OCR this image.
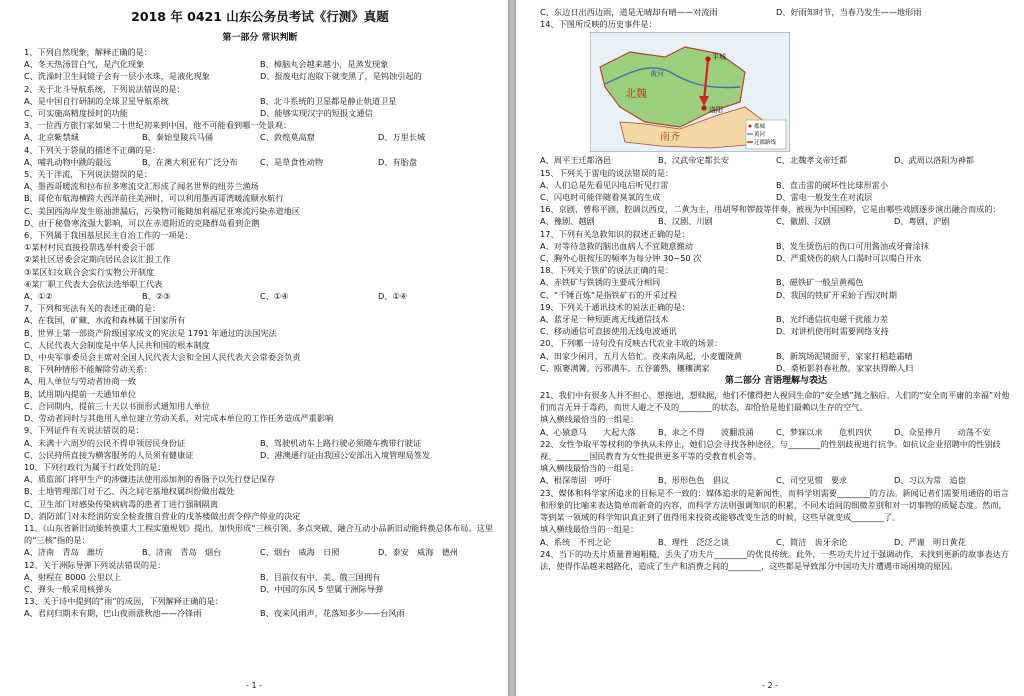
2018 年 0421 山东公务员考试《行测》真题
第一部分 常识判断
1、下列自然现象，解释正确的是：
A、冬天热汤冒白气，是汽化现象	B、樟脑丸会越来越小，是蒸发现象
C、洗澡时卫生间镜子会有一层小水珠，是液化现象	D、报废电灯泡取下就变黑了，是钨蚀引起的
2、关于北斗导航系统，下列说法错误的是：
A、是中国自行研制的全球卫星导航系统	B、北斗系统的卫星都是静止轨道卫星
C、可实施高精度授时的功能	D、能够实现汉字的短报文通信
3、一位西方旅行家如果二十世纪初来到中国，他不可能看到哪一处景观：
A、北京紫禁城	B、秦始皇陵兵马俑	C、敦煌莫高窟	D、万里长城
4、下列关于袋鼠的描述不正确的是：
A、哺乳动物中跳的最远	B、在澳大利亚有广泛分布	C、是草食性动物	D、有胎盘
5、关于洋流，下列说法错误的是：
A、墨西哥暖流和拉布拉多寒流交汇形成了闻名世界的纽芬兰渔场
B、哥伦布航海横跨大西洋前往美洲时，可以利用墨西哥湾暖流顺水航行
C、美国西海岸发生原油泄漏后，污染物可能随加利福尼亚寒流污染赤道地区
D、由于秘鲁寒流强大影响，可以在赤道附近的克隆群岛看到企鹅
6、下列属于我国基层民主自治工作的一项是：
①某村村民直接投票选举村委会干部
②某社区居委会定期向居民会议汇报工作
③某区妇女联合会实行实物公开制度
④某厂职工代表大会依法选举职工代表
A、①②	B、②③	C、①④	D、①④
7、下列和宪法有关的表述正确的是：
A、在我国，矿藏、水流和森林属于国家所有
B、世界上第一部资产阶级国家成文的宪法是 1791 年通过的法国宪法
C、人民代表大会制度是中华人民共和国的根本制度
D、中央军事委员会主席对全国人民代表大会和全国人民代表大会常委会负责
8、下列种情形不能解除劳动关系：
A、用人单位与劳动者协商一致
B、试用期内提前一天通知单位
C、合同期内，提前三十天以书面形式通知用人单位
D、劳动者同时与其他用人单位建立劳动关系，对完成本单位的工作任务造成严重影响
9、下列证件有关说法错误的是：
A、未满十六周岁的公民不得申领居民身份证	B、驾驶机动车上路行驶必须随车携带行驶证
C、公民持所直接为横客服务的人员须有健康证	D、港澳通行证由我国公安部出入境管理局签发
10、下列行政行为属于行政处罚的是：
A、质监部门将甲生产的涉嫌违法使用添加剂的香肠予以先行登记保存
B、土地管理部门对于乙、丙之间宅基地权属纠纷做出裁处
C、卫生部门对感染传染病病毒的患者丁进行强制隔离
D、消防部门对未经消防安全检查擅自营业的戊茶楼做出责令停产停业的决定
11、《山东省新旧动能转换重大工程实施规划》提出，加快形成“三核引领、多点突破、融合互动小品新旧动能转换总体布局。这里的“三核”指的是：
A、济南　青岛　潍坊	B、济南　青岛　烟台	C、烟台　威海　日照	D、泰安　威海　德州
12、关于洲际导弹下列说法错误的是：
A、射程在 8000 公里以上	B、目前仅有中、美、俄三国拥有
C、弹头一般采用核弹头	D、中国的东风 5 型属于洲际导弹
13、关于诗中提到的“雨”的成因，下列解释正确的是：
A、君问归期未有期，巴山夜雨涨秋池——冷锋雨	B、夜来风雨声，花落知多少——台风雨
- 1 -
C、东边日出西边雨，道是无晴却有晴——对流雨	D、好雨知时节，当春乃发生——地形雨
14、下图所反映的历史事件是：
平城
洛阳
黄河
北魏
南齐
都城
黄河
迁都路线
A、周平王迁都洛邑	B、汉武帝定都长安	C、北魏孝文帝迁都	D、武周以洛阳为神都
15、下列关于雷电的说法错误的是：
A、人们总是先看见闪电后听见打雷	B、直击雷的破坏性比球形雷小
C、闪电时可能伴随着臭氧的生成	D、雷电一般发生在对流层
16、京剧，曾称平剧，腔调以西皮，二黄为主，用胡琴和锣鼓等伴奏，被视为中国国粹，它是由哪些戏剧逐步演出融合而成的：
A、豫剧、越剧	B、汉剧、川剧	C、徽剧、汉剧	D、粤剧、沪剧
17、下列有关急救知识的叙述正确的是：
A、对等待急救的脑出血病人不宜随意搬动	B、发生烫伤后的伤口可用酱油或牙膏涂抹
C、胸外心脏按压的频率为每分钟 30~50 次	D、严重烧伤的病人口渴时可以喝白开水
18、下列关于铁矿的说法正确的是：
A、赤铁矿与铁锈的主要成分相同	B、磁铁矿一般呈黄褐色
C、“千锤百炼”是指铁矿石的开采过程	D、我国的铁矿开采始于西汉时期
19、下列关于通讯技术的说法正确的是：
A、蓝牙是一种短距离无线通信技术	B、光纤通信抗电磁干扰能力差
C、移动通信可直接使用无线电波通讯	D、对讲机使用时需要网络支持
20、下列哪一诗句没有反映古代农业丰收的场景：
A、田家少闲月，五月人倍忙。夜来南风起，小麦覆陇黄	B、新筑场泥镜面平，家家打稻趁霜晴
C、瓯窭满篝，污邪满车，五谷蕃熟，穰穰满家	D、桑柘影斜春社散，家家扶得醉人归
第二部分 言语理解与表达
21、我们中有很多人并不担心，想拖进，想赎据，他们不懂得把人视同生命的“安全感”抛之脑后。人们的“安全而平庸的幸福”对他们而言无异于毒药，而世人避之不及的________的状态，却恰恰是他们最赖以生存的空气。
填入横线最恰当的一组是：
A、心猿意马　　大起大落	B、求之不得　　波翻浪涌	C、梦寐以求　　危机四伏	D、众星捧月　　动荡不安
22、女性争取平等权利的争执从未停止，她们总会寻找各种途径，与________的性别歧视进行抗争。如抗议企业招聘中的性别歧视、________国民教育为女性提供更多平等的受教育机会等。
填入横线最恰当的一组是：
A、根深蒂固　呼吁	B、形形色色　倡议	C、司空见惯　要求	D、习以为常　追偿
23、媒体和科学家所追求的目标是不一致的：媒体追求的是新闻性，而科学则需要________的方法。新闻记者们需要用通俗的语言和形象的比喻来表达简单而新奇的内容，而科学方法则强调知识的积累，不同术语间的细微差别和对一切事物的质疑态度。然而，等到某一领域的科学知识真正到了值得用来投资或能够改变生活的时候，这些早就变成________了。
填入横线最恰当的一组是：
A、系统　不刊之论	B、理性　泛泛之谈	C、简洁　齿牙余论	D、严谨　明日黄花
24、当下的功夫片质量普遍粗糙，丢失了功夫片________的优良传统。此外，一些功夫片过于强调动作，未找到更新的故事表达方法，使得作品越来越路化，造成了生产和消费之间的________，这些都是导致部分中国功夫片遭遇市场困境的原因。
- 2 -
